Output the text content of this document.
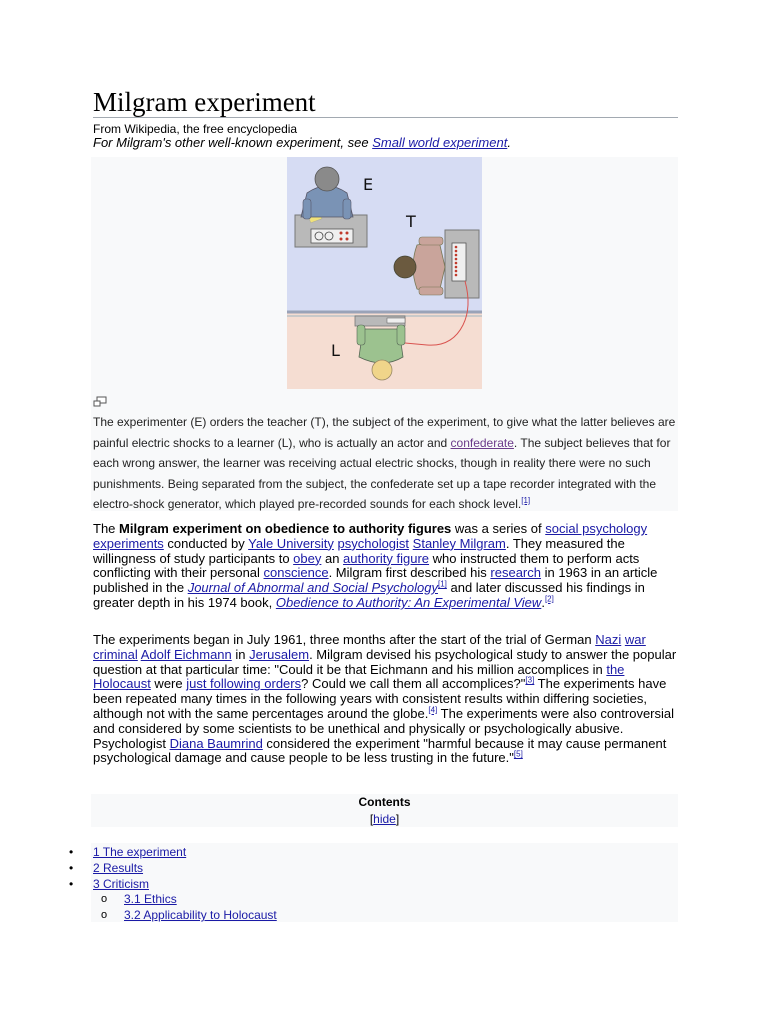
Milgram experiment
From Wikipedia, the free encyclopedia
For Milgram's other well-known experiment, see Small world experiment.
E
T
L
The experimenter (E) orders the teacher (T), the subject of the experiment, to give what the latter believes are painful electric shocks to a learner (L), who is actually an actor and confederate. The subject believes that for each wrong answer, the learner was receiving actual electric shocks, though in reality there were no such punishments. Being separated from the subject, the confederate set up a tape recorder integrated with the electro-shock generator, which played pre-recorded sounds for each shock level.[1]

The Milgram experiment on obedience to authority figures was a series of social psychology experiments conducted by Yale University psychologist Stanley Milgram. They measured the willingness of study participants to obey an authority figure who instructed them to perform acts conflicting with their personal conscience. Milgram first described his research in 1963 in an article published in the Journal of Abnormal and Social Psychology[1] and later discussed his findings in greater depth in his 1974 book, Obedience to Authority: An Experimental View.[2]

The experiments began in July 1961, three months after the start of the trial of German Nazi war criminal Adolf Eichmann in Jerusalem. Milgram devised his psychological study to answer the popular question at that particular time: "Could it be that Eichmann and his million accomplices in the Holocaust were just following orders? Could we call them all accomplices?"[3] The experiments have been repeated many times in the following years with consistent results within differing societies, although not with the same percentages around the globe.[4] The experiments were also controversial and considered by some scientists to be unethical and physically or psychologically abusive. Psychologist Diana Baumrind considered the experiment "harmful because it may cause permanent psychological damage and cause people to be less trusting in the future."[5]

Contents
[hide]
•
•
•
o
o
1 The experiment
2 Results
3 Criticism
3.1 Ethics
3.2 Applicability to Holocaust
